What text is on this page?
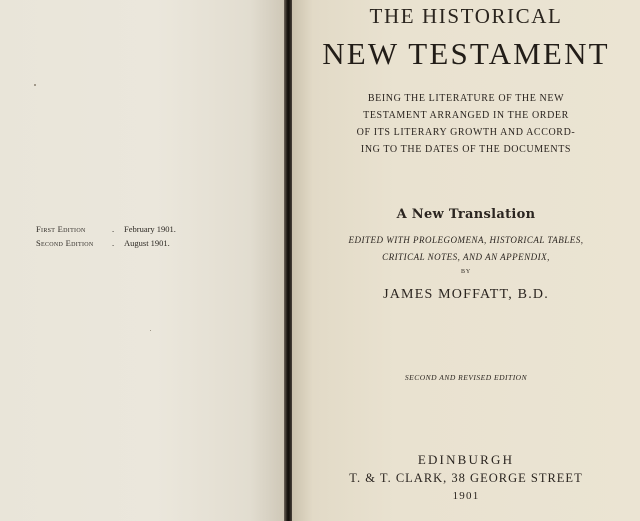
First Edition	.	February 1901.
Second Edition	.	August 1901.
THE HISTORICAL
NEW TESTAMENT
BEING THE LITERATURE OF THE NEW
TESTAMENT ARRANGED IN THE ORDER
OF ITS LITERARY GROWTH AND ACCORD-
ING TO THE DATES OF THE DOCUMENTS
A New Translation
EDITED WITH PROLEGOMENA, HISTORICAL TABLES,
CRITICAL NOTES, AND AN APPENDIX,
BY
JAMES MOFFATT, B.D.
SECOND AND REVISED EDITION
EDINBURGH
T. & T. CLARK, 38 GEORGE STREET
1901
